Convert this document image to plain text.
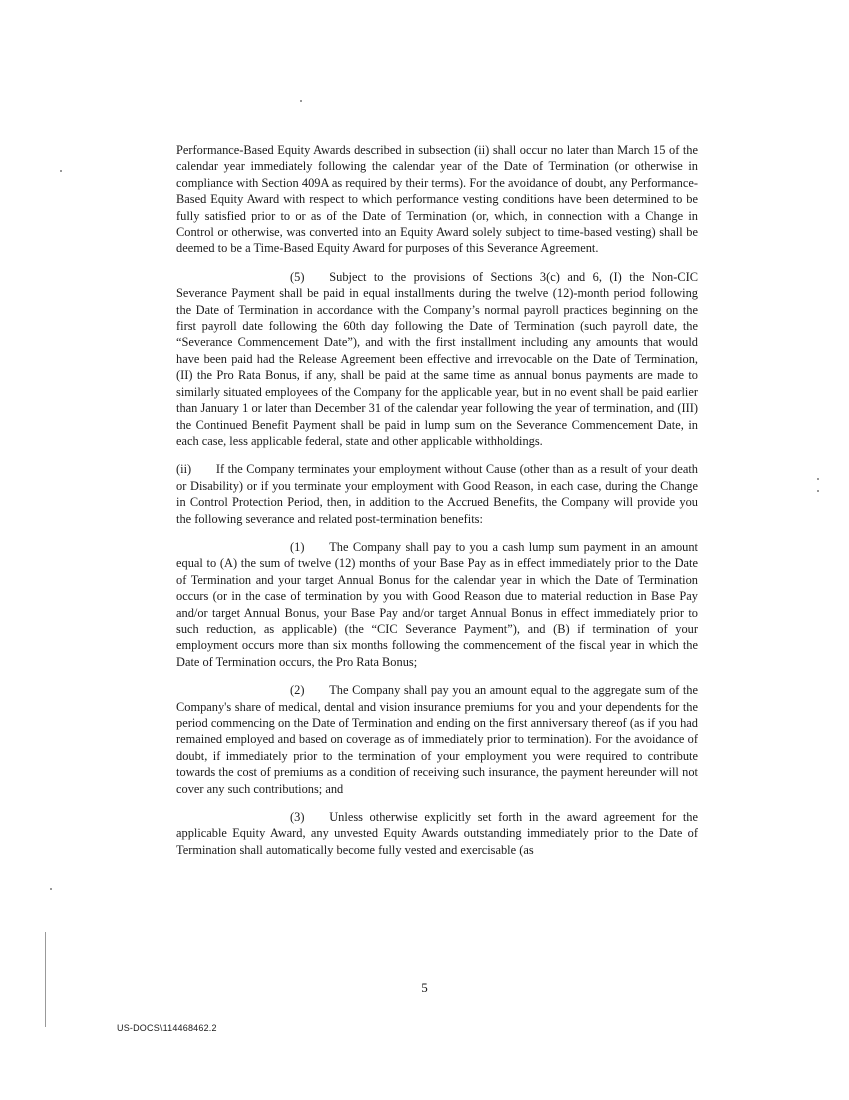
Performance-Based Equity Awards described in subsection (ii) shall occur no later than March 15 of the calendar year immediately following the calendar year of the Date of Termination (or otherwise in compliance with Section 409A as required by their terms). For the avoidance of doubt, any Performance-Based Equity Award with respect to which performance vesting conditions have been determined to be fully satisfied prior to or as of the Date of Termination (or, which, in connection with a Change in Control or otherwise, was converted into an Equity Award solely subject to time-based vesting) shall be deemed to be a Time-Based Equity Award for purposes of this Severance Agreement.

(5)  Subject to the provisions of Sections 3(c) and 6, (I) the Non-CIC Severance Payment shall be paid in equal installments during the twelve (12)-month period following the Date of Termination in accordance with the Company’s normal payroll practices beginning on the first payroll date following the 60th day following the Date of Termination (such payroll date, the “Severance Commencement Date”), and with the first installment including any amounts that would have been paid had the Release Agreement been effective and irrevocable on the Date of Termination, (II) the Pro Rata Bonus, if any, shall be paid at the same time as annual bonus payments are made to similarly situated employees of the Company for the applicable year, but in no event shall be paid earlier than January 1 or later than December 31 of the calendar year following the year of termination, and (III) the Continued Benefit Payment shall be paid in lump sum on the Severance Commencement Date, in each case, less applicable federal, state and other applicable withholdings.

(ii)  If the Company terminates your employment without Cause (other than as a result of your death or Disability) or if you terminate your employment with Good Reason, in each case, during the Change in Control Protection Period, then, in addition to the Accrued Benefits, the Company will provide you the following severance and related post-termination benefits:

(1)  The Company shall pay to you a cash lump sum payment in an amount equal to (A) the sum of twelve (12) months of your Base Pay as in effect immediately prior to the Date of Termination and your target Annual Bonus for the calendar year in which the Date of Termination occurs (or in the case of termination by you with Good Reason due to material reduction in Base Pay and/or target Annual Bonus, your Base Pay and/or target Annual Bonus in effect immediately prior to such reduction, as applicable) (the “CIC Severance Payment”), and (B) if termination of your employment occurs more than six months following the commencement of the fiscal year in which the Date of Termination occurs, the Pro Rata Bonus;

(2)  The Company shall pay you an amount equal to the aggregate sum of the Company's share of medical, dental and vision insurance premiums for you and your dependents for the period commencing on the Date of Termination and ending on the first anniversary thereof (as if you had remained employed and based on coverage as of immediately prior to termination). For the avoidance of doubt, if immediately prior to the termination of your employment you were required to contribute towards the cost of premiums as a condition of receiving such insurance, the payment hereunder will not cover any such contributions; and

(3)  Unless otherwise explicitly set forth in the award agreement for the applicable Equity Award, any unvested Equity Awards outstanding immediately prior to the Date of Termination shall automatically become fully vested and exercisable (as

5
US-DOCS\114468462.2
